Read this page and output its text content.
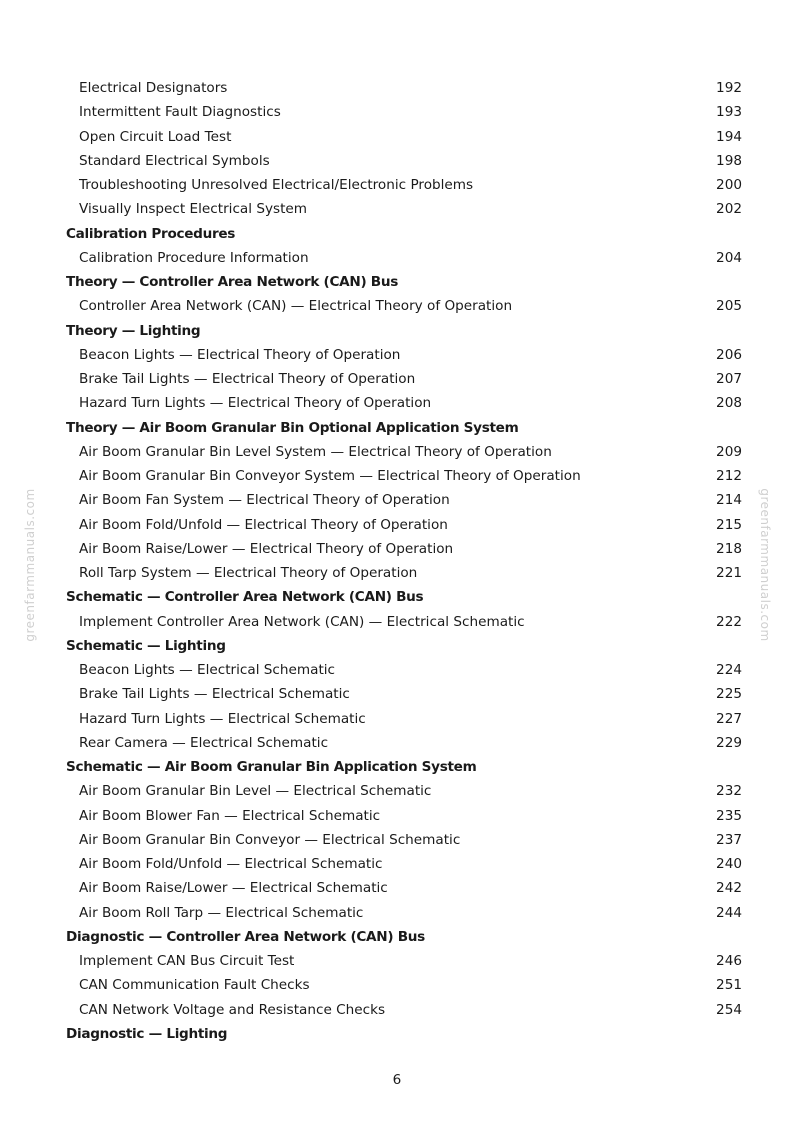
Electrical Designators	192
Intermittent Fault Diagnostics	193
Open Circuit Load Test	194
Standard Electrical Symbols	198
Troubleshooting Unresolved Electrical/Electronic Problems	200
Visually Inspect Electrical System	202
Calibration Procedures
Calibration Procedure Information	204
Theory — Controller Area Network (CAN) Bus
Controller Area Network (CAN) — Electrical Theory of Operation	205
Theory — Lighting
Beacon Lights — Electrical Theory of Operation	206
Brake Tail Lights — Electrical Theory of Operation	207
Hazard Turn Lights — Electrical Theory of Operation	208
Theory — Air Boom Granular Bin Optional Application System
Air Boom Granular Bin Level System — Electrical Theory of Operation	209
Air Boom Granular Bin Conveyor System — Electrical Theory of Operation	212
Air Boom Fan System — Electrical Theory of Operation	214
Air Boom Fold/Unfold — Electrical Theory of Operation	215
Air Boom Raise/Lower — Electrical Theory of Operation	218
Roll Tarp System — Electrical Theory of Operation	221
Schematic — Controller Area Network (CAN) Bus
Implement Controller Area Network (CAN) — Electrical Schematic	222
Schematic — Lighting
Beacon Lights — Electrical Schematic	224
Brake Tail Lights — Electrical Schematic	225
Hazard Turn Lights — Electrical Schematic	227
Rear Camera — Electrical Schematic	229
Schematic — Air Boom Granular Bin Application System
Air Boom Granular Bin Level — Electrical Schematic	232
Air Boom Blower Fan — Electrical Schematic	235
Air Boom Granular Bin Conveyor — Electrical Schematic	237
Air Boom Fold/Unfold — Electrical Schematic	240
Air Boom Raise/Lower — Electrical Schematic	242
Air Boom Roll Tarp — Electrical Schematic	244
Diagnostic — Controller Area Network (CAN) Bus
Implement CAN Bus Circuit Test	246
CAN Communication Fault Checks	251
CAN Network Voltage and Resistance Checks	254
Diagnostic — Lighting
6
greenfarmmanuals.com	greenfarmmanuals.com
